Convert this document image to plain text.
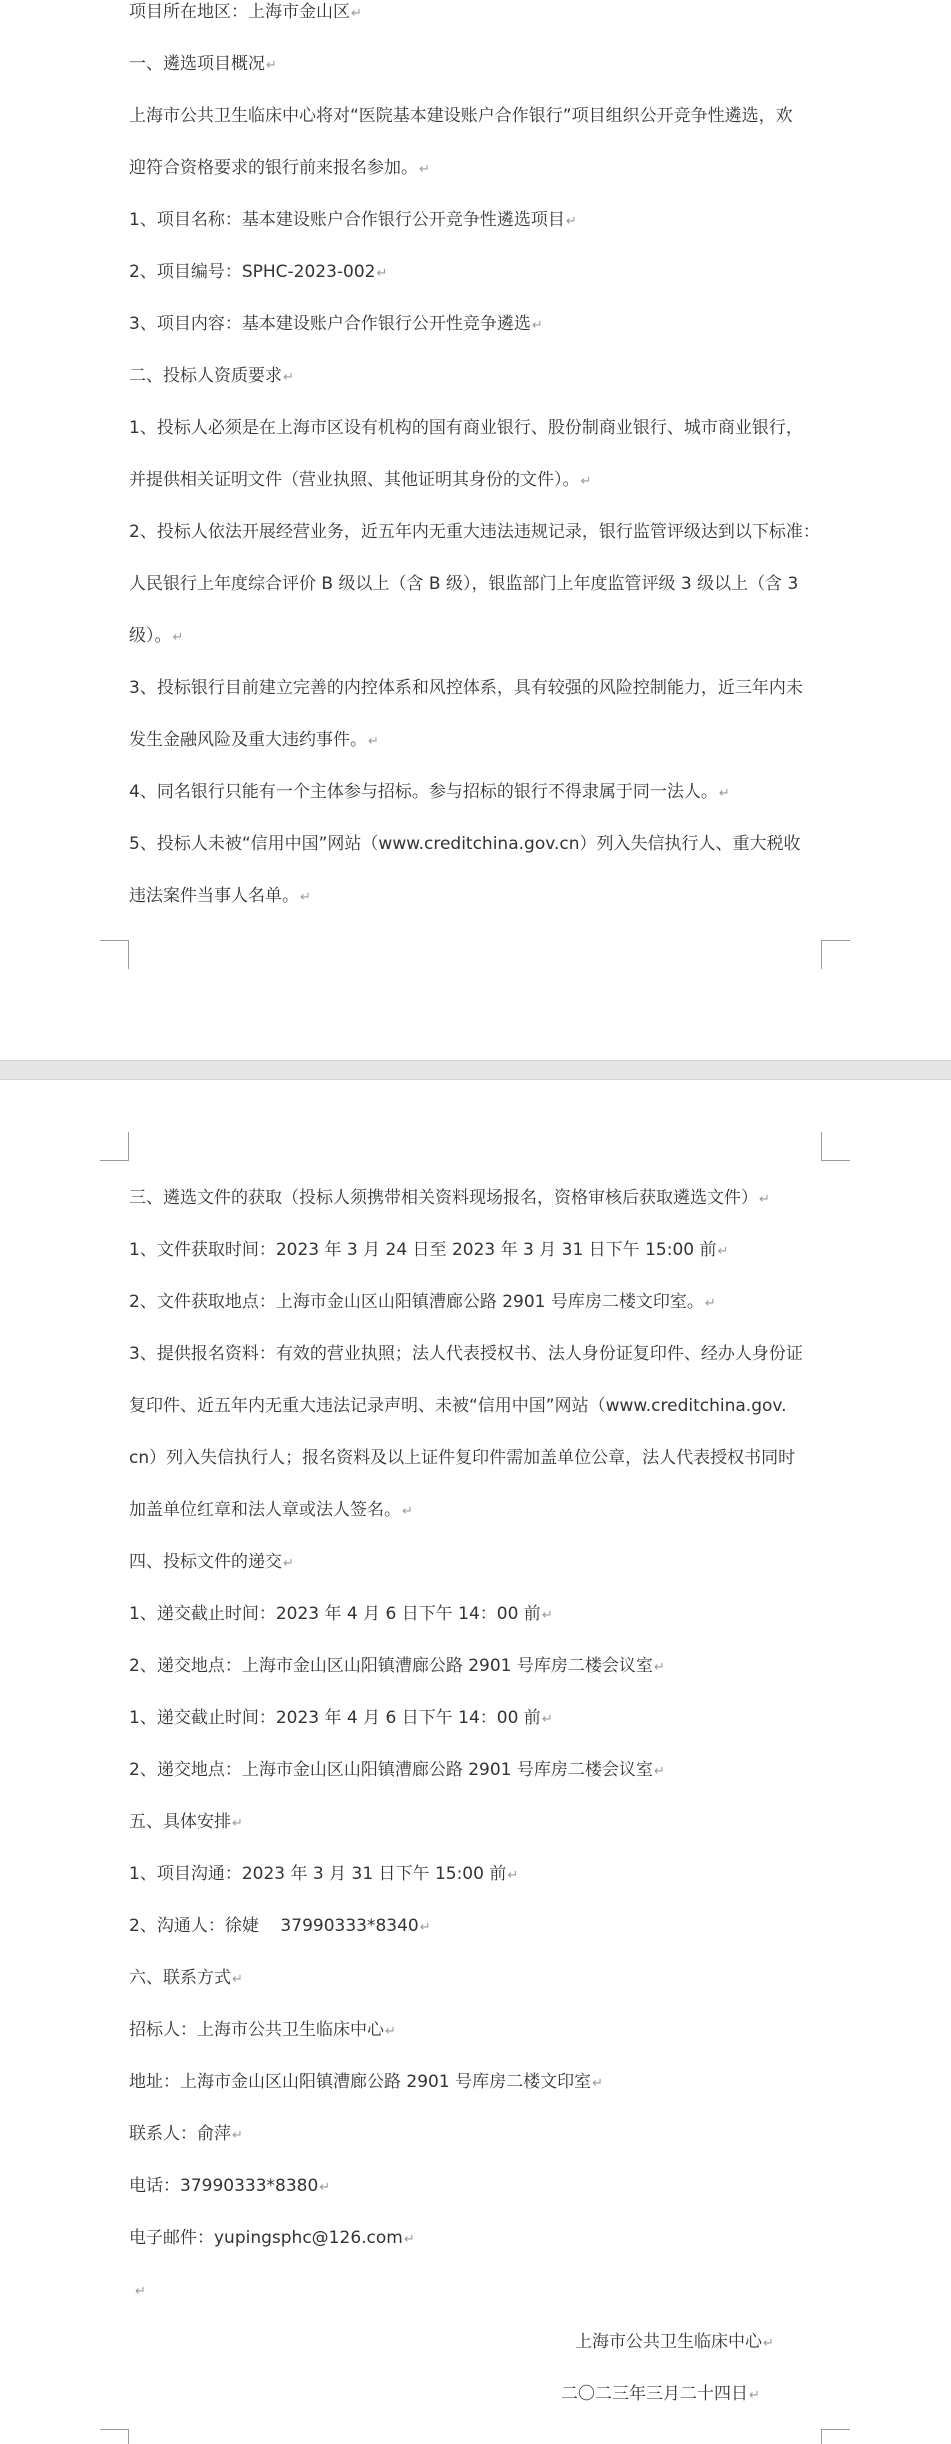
项目所在地区：上海市金山区↵
一、遴选项目概况↵
上海市公共卫生临床中心将对“医院基本建设账户合作银行”项目组织公开竞争性遴选，欢
迎符合资格要求的银行前来报名参加。↵
1、项目名称：基本建设账户合作银行公开竞争性遴选项目↵
2、项目编号：SPHC-2023-002↵
3、项目内容：基本建设账户合作银行公开性竞争遴选↵
二、投标人资质要求↵
1、投标人必须是在上海市区设有机构的国有商业银行、股份制商业银行、城市商业银行，
并提供相关证明文件（营业执照、其他证明其身份的文件）。↵
2、投标人依法开展经营业务，近五年内无重大违法违规记录，银行监管评级达到以下标准：
人民银行上年度综合评价 B 级以上（含 B 级），银监部门上年度监管评级 3 级以上（含 3
级）。↵
3、投标银行目前建立完善的内控体系和风控体系，具有较强的风险控制能力，近三年内未
发生金融风险及重大违约事件。↵
4、同名银行只能有一个主体参与招标。参与招标的银行不得隶属于同一法人。↵
5、投标人未被“信用中国”网站（www.creditchina.gov.cn）列入失信执行人、重大税收
违法案件当事人名单。↵
三、遴选文件的获取（投标人须携带相关资料现场报名，资格审核后获取遴选文件）↵
1、文件获取时间：2023 年 3 月 24 日至 2023 年 3 月 31 日下午 15:00 前↵
2、文件获取地点：上海市金山区山阳镇漕廊公路 2901 号库房二楼文印室。↵
3、提供报名资料：有效的营业执照；法人代表授权书、法人身份证复印件、经办人身份证
复印件、近五年内无重大违法记录声明、未被“信用中国”网站（www.creditchina.gov.
cn）列入失信执行人；报名资料及以上证件复印件需加盖单位公章，法人代表授权书同时
加盖单位红章和法人章或法人签名。↵
四、投标文件的递交↵
1、递交截止时间：2023 年 4 月 6 日下午 14：00 前↵
2、递交地点：上海市金山区山阳镇漕廊公路 2901 号库房二楼会议室↵
1、递交截止时间：2023 年 4 月 6 日下午 14：00 前↵
2、递交地点：上海市金山区山阳镇漕廊公路 2901 号库房二楼会议室↵
五、具体安排↵
1、项目沟通：2023 年 3 月 31 日下午 15:00 前↵
2、沟通人：徐婕    37990333*8340↵
六、联系方式↵
招标人：上海市公共卫生临床中心↵
地址：上海市金山区山阳镇漕廊公路 2901 号库房二楼文印室↵
联系人：俞萍↵
电话：37990333*8380↵
电子邮件：yupingsphc@126.com↵
↵
上海市公共卫生临床中心↵
二〇二三年三月二十四日↵
